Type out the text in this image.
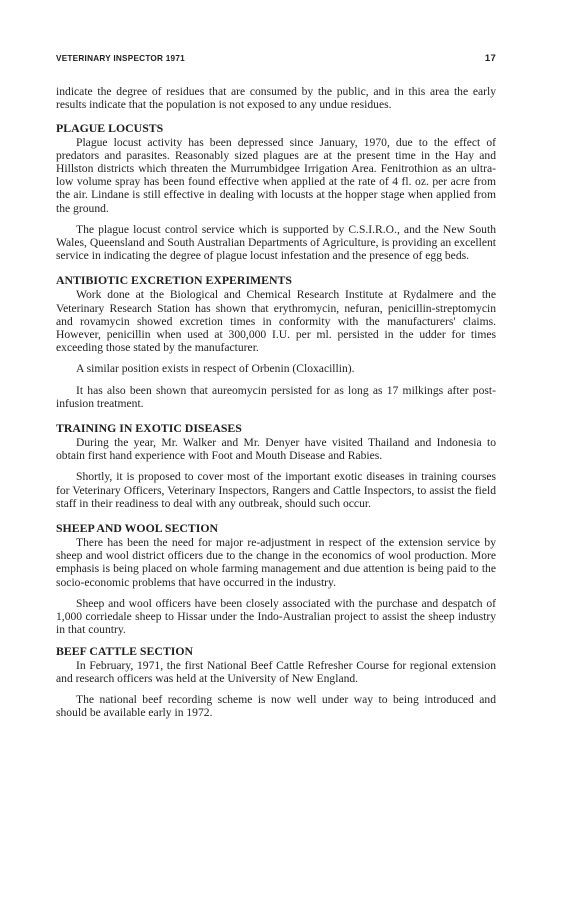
VETERINARY INSPECTOR 1971	17

indicate the degree of residues that are consumed by the public, and in this area the early results indicate that the population is not exposed to any undue residues.

PLAGUE LOCUSTS

Plague locust activity has been depressed since January, 1970, due to the effect of predators and parasites. Reasonably sized plagues are at the present time in the Hay and Hillston districts which threaten the Murrumbidgee Irrigation Area. Fenitrothion as an ultra-low volume spray has been found effective when applied at the rate of 4 fl. oz. per acre from the air. Lindane is still effective in dealing with locusts at the hopper stage when applied from the ground.

The plague locust control service which is supported by C.S.I.R.O., and the New South Wales, Queensland and South Australian Departments of Agriculture, is providing an excellent service in indicating the degree of plague locust infestation and the presence of egg beds.

ANTIBIOTIC EXCRETION EXPERIMENTS

Work done at the Biological and Chemical Research Institute at Rydalmere and the Veterinary Research Station has shown that erythromycin, nefuran, penicillin-streptomycin and rovamycin showed excretion times in conformity with the manufacturers' claims. However, penicillin when used at 300,000 I.U. per ml. persisted in the udder for times exceeding those stated by the manufacturer.

A similar position exists in respect of Orbenin (Cloxacillin).

It has also been shown that aureomycin persisted for as long as 17 milkings after post-infusion treatment.

TRAINING IN EXOTIC DISEASES

During the year, Mr. Walker and Mr. Denyer have visited Thailand and Indonesia to obtain first hand experience with Foot and Mouth Disease and Rabies.

Shortly, it is proposed to cover most of the important exotic diseases in training courses for Veterinary Officers, Veterinary Inspectors, Rangers and Cattle Inspectors, to assist the field staff in their readiness to deal with any outbreak, should such occur.

SHEEP AND WOOL SECTION

There has been the need for major re-adjustment in respect of the extension service by sheep and wool district officers due to the change in the economics of wool production. More emphasis is being placed on whole farming management and due attention is being paid to the socio-economic problems that have occurred in the industry.

Sheep and wool officers have been closely associated with the purchase and despatch of 1,000 corriedale sheep to Hissar under the Indo-Australian project to assist the sheep industry in that country.

BEEF CATTLE SECTION

In February, 1971, the first National Beef Cattle Refresher Course for regional extension and research officers was held at the University of New England.

The national beef recording scheme is now well under way to being introduced and should be available early in 1972.
